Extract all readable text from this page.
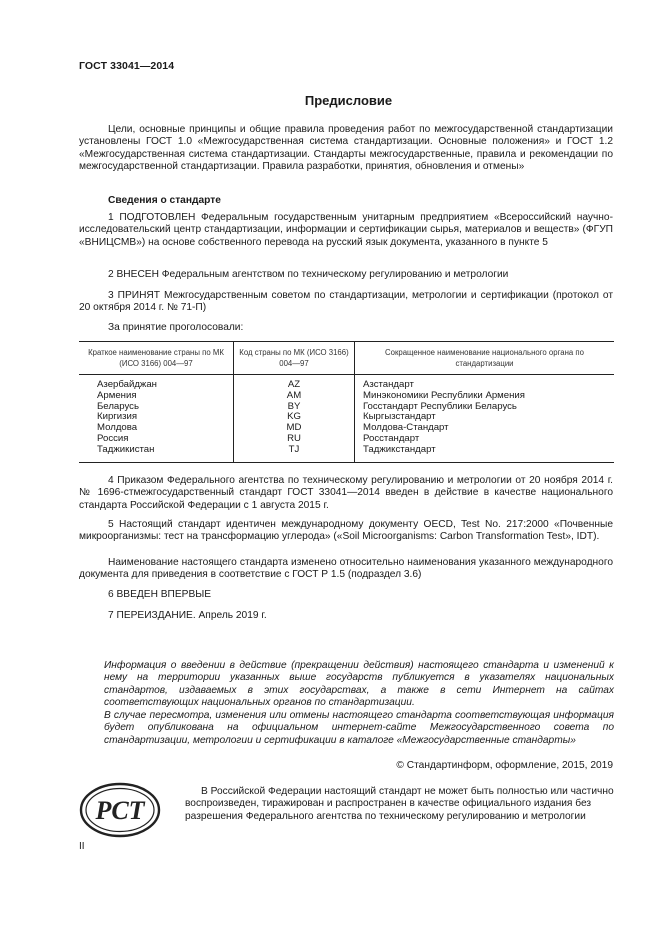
ГОСТ 33041—2014
Предисловие
Цели, основные принципы и общие правила проведения работ по межгосударственной стандартизации установлены ГОСТ 1.0 «Межгосударственная система стандартизации. Основные положения» и ГОСТ 1.2 «Межгосударственная система стандартизации. Стандарты межгосударственные, правила и рекомендации по межгосударственной стандартизации. Правила разработки, принятия, обновления и отмены»
Сведения о стандарте
1 ПОДГОТОВЛЕН Федеральным государственным унитарным предприятием «Всероссийский научно-исследовательский центр стандартизации, информации и сертификации сырья, материалов и веществ» (ФГУП «ВНИЦСМВ») на основе собственного перевода на русский язык документа, указанного в пункте 5
2 ВНЕСЕН Федеральным агентством по техническому регулированию и метрологии
3 ПРИНЯТ Межгосударственным советом по стандартизации, метрологии и сертификации (протокол от 20 октября 2014 г. № 71-П)
За принятие проголосовали:
Краткое наименование страны по МК (ИСО 3166) 004—97	Код страны по МК (ИСО 3166) 004—97	Сокращенное наименование национального органа по стандартизации
Азербайджан	AZ	Азстандарт
Армения	AM	Минэкономики Республики Армения
Беларусь	BY	Госстандарт Республики Беларусь
Киргизия	KG	Кыргызстандарт
Молдова	MD	Молдова-Стандарт
Россия	RU	Росстандарт
Таджикистан	TJ	Таджикстандарт
4 Приказом Федерального агентства по техническому регулированию и метрологии от 20 ноября 2014 г. № 1696-стмежгосударственный стандарт ГОСТ 33041—2014 введен в действие в качестве национального стандарта Российской Федерации с 1 августа 2015 г.
5 Настоящий стандарт идентичен международному документу OECD, Test No. 217:2000 «Почвенные микроорганизмы: тест на трансформацию углерода» («Soil Microorganisms: Carbon Transformation Test», IDT).
Наименование настоящего стандарта изменено относительно наименования указанного международного документа для приведения в соответствие с ГОСТ Р 1.5 (подраздел 3.6)
6 ВВЕДЕН ВПЕРВЫЕ
7 ПЕРЕИЗДАНИЕ. Апрель 2019 г.
Информация о введении в действие (прекращении действия) настоящего стандарта и изменений к нему на территории указанных выше государств публикуется в указателях национальных стандартов, издаваемых в этих государствах, а также в сети Интернет на сайтах соответствующих национальных органов по стандартизации.
В случае пересмотра, изменения или отмены настоящего стандарта соответствующая информация будет опубликована на официальном интернет-сайте Межгосударственного совета по стандартизации, метрологии и сертификации в каталоге «Межгосударственные стандарты»
© Стандартинформ, оформление, 2015, 2019
РСТ
В Российской Федерации настоящий стандарт не может быть полностью или частично воспроизведен, тиражирован и распространен в качестве официального издания без разрешения Федерального агентства по техническому регулированию и метрологии
II
